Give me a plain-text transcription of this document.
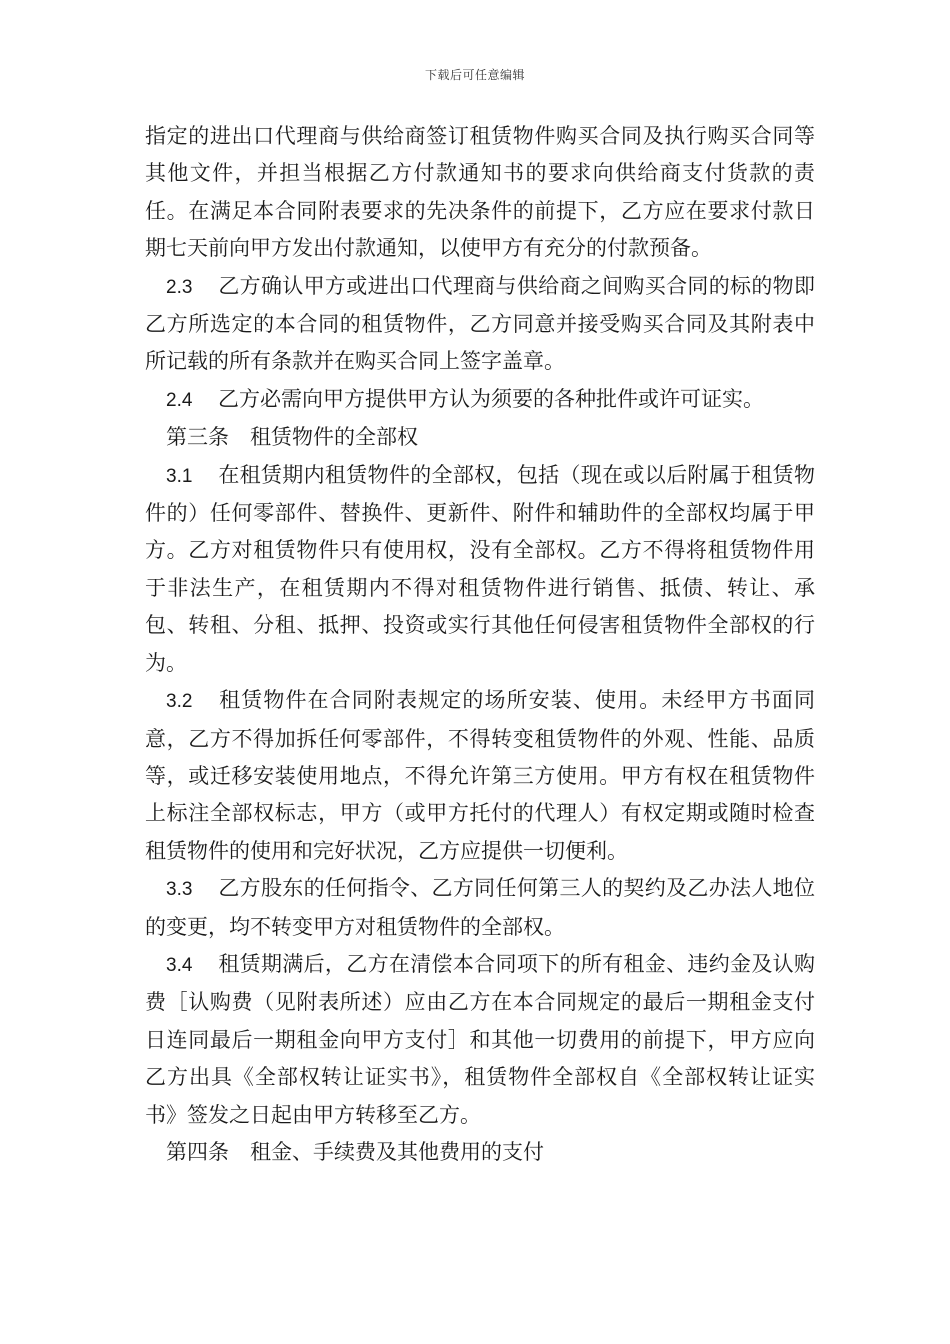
下载后可任意编辑

指定的进出口代理商与供给商签订租赁物件购买合同及执行购买合同等其他文件，并担当根据乙方付款通知书的要求向供给商支付货款的责任。在满足本合同附表要求的先决条件的前提下，乙方应在要求付款日期七天前向甲方发出付款通知，以使甲方有充分的付款预备。

2.3 乙方确认甲方或进出口代理商与供给商之间购买合同的标的物即乙方所选定的本合同的租赁物件，乙方同意并接受购买合同及其附表中所记载的所有条款并在购买合同上签字盖章。

2.4 乙方必需向甲方提供甲方认为须要的各种批件或许可证实。

第三条 租赁物件的全部权

3.1 在租赁期内租赁物件的全部权，包括（现在或以后附属于租赁物件的）任何零部件、替换件、更新件、附件和辅助件的全部权均属于甲方。乙方对租赁物件只有使用权，没有全部权。乙方不得将租赁物件用于非法生产，在租赁期内不得对租赁物件进行销售、抵债、转让、承包、转租、分租、抵押、投资或实行其他任何侵害租赁物件全部权的行为。

3.2 租赁物件在合同附表规定的场所安装、使用。未经甲方书面同意，乙方不得加拆任何零部件，不得转变租赁物件的外观、性能、品质等，或迁移安装使用地点，不得允许第三方使用。甲方有权在租赁物件上标注全部权标志，甲方（或甲方托付的代理人）有权定期或随时检查租赁物件的使用和完好状况，乙方应提供一切便利。

3.3 乙方股东的任何指令、乙方同任何第三人的契约及乙办法人地位的变更，均不转变甲方对租赁物件的全部权。

3.4 租赁期满后，乙方在清偿本合同项下的所有租金、违约金及认购费［认购费（见附表所述）应由乙方在本合同规定的最后一期租金支付日连同最后一期租金向甲方支付］和其他一切费用的前提下，甲方应向乙方出具《全部权转让证实书》，租赁物件全部权自《全部权转让证实书》签发之日起由甲方转移至乙方。

第四条 租金、手续费及其他费用的支付
